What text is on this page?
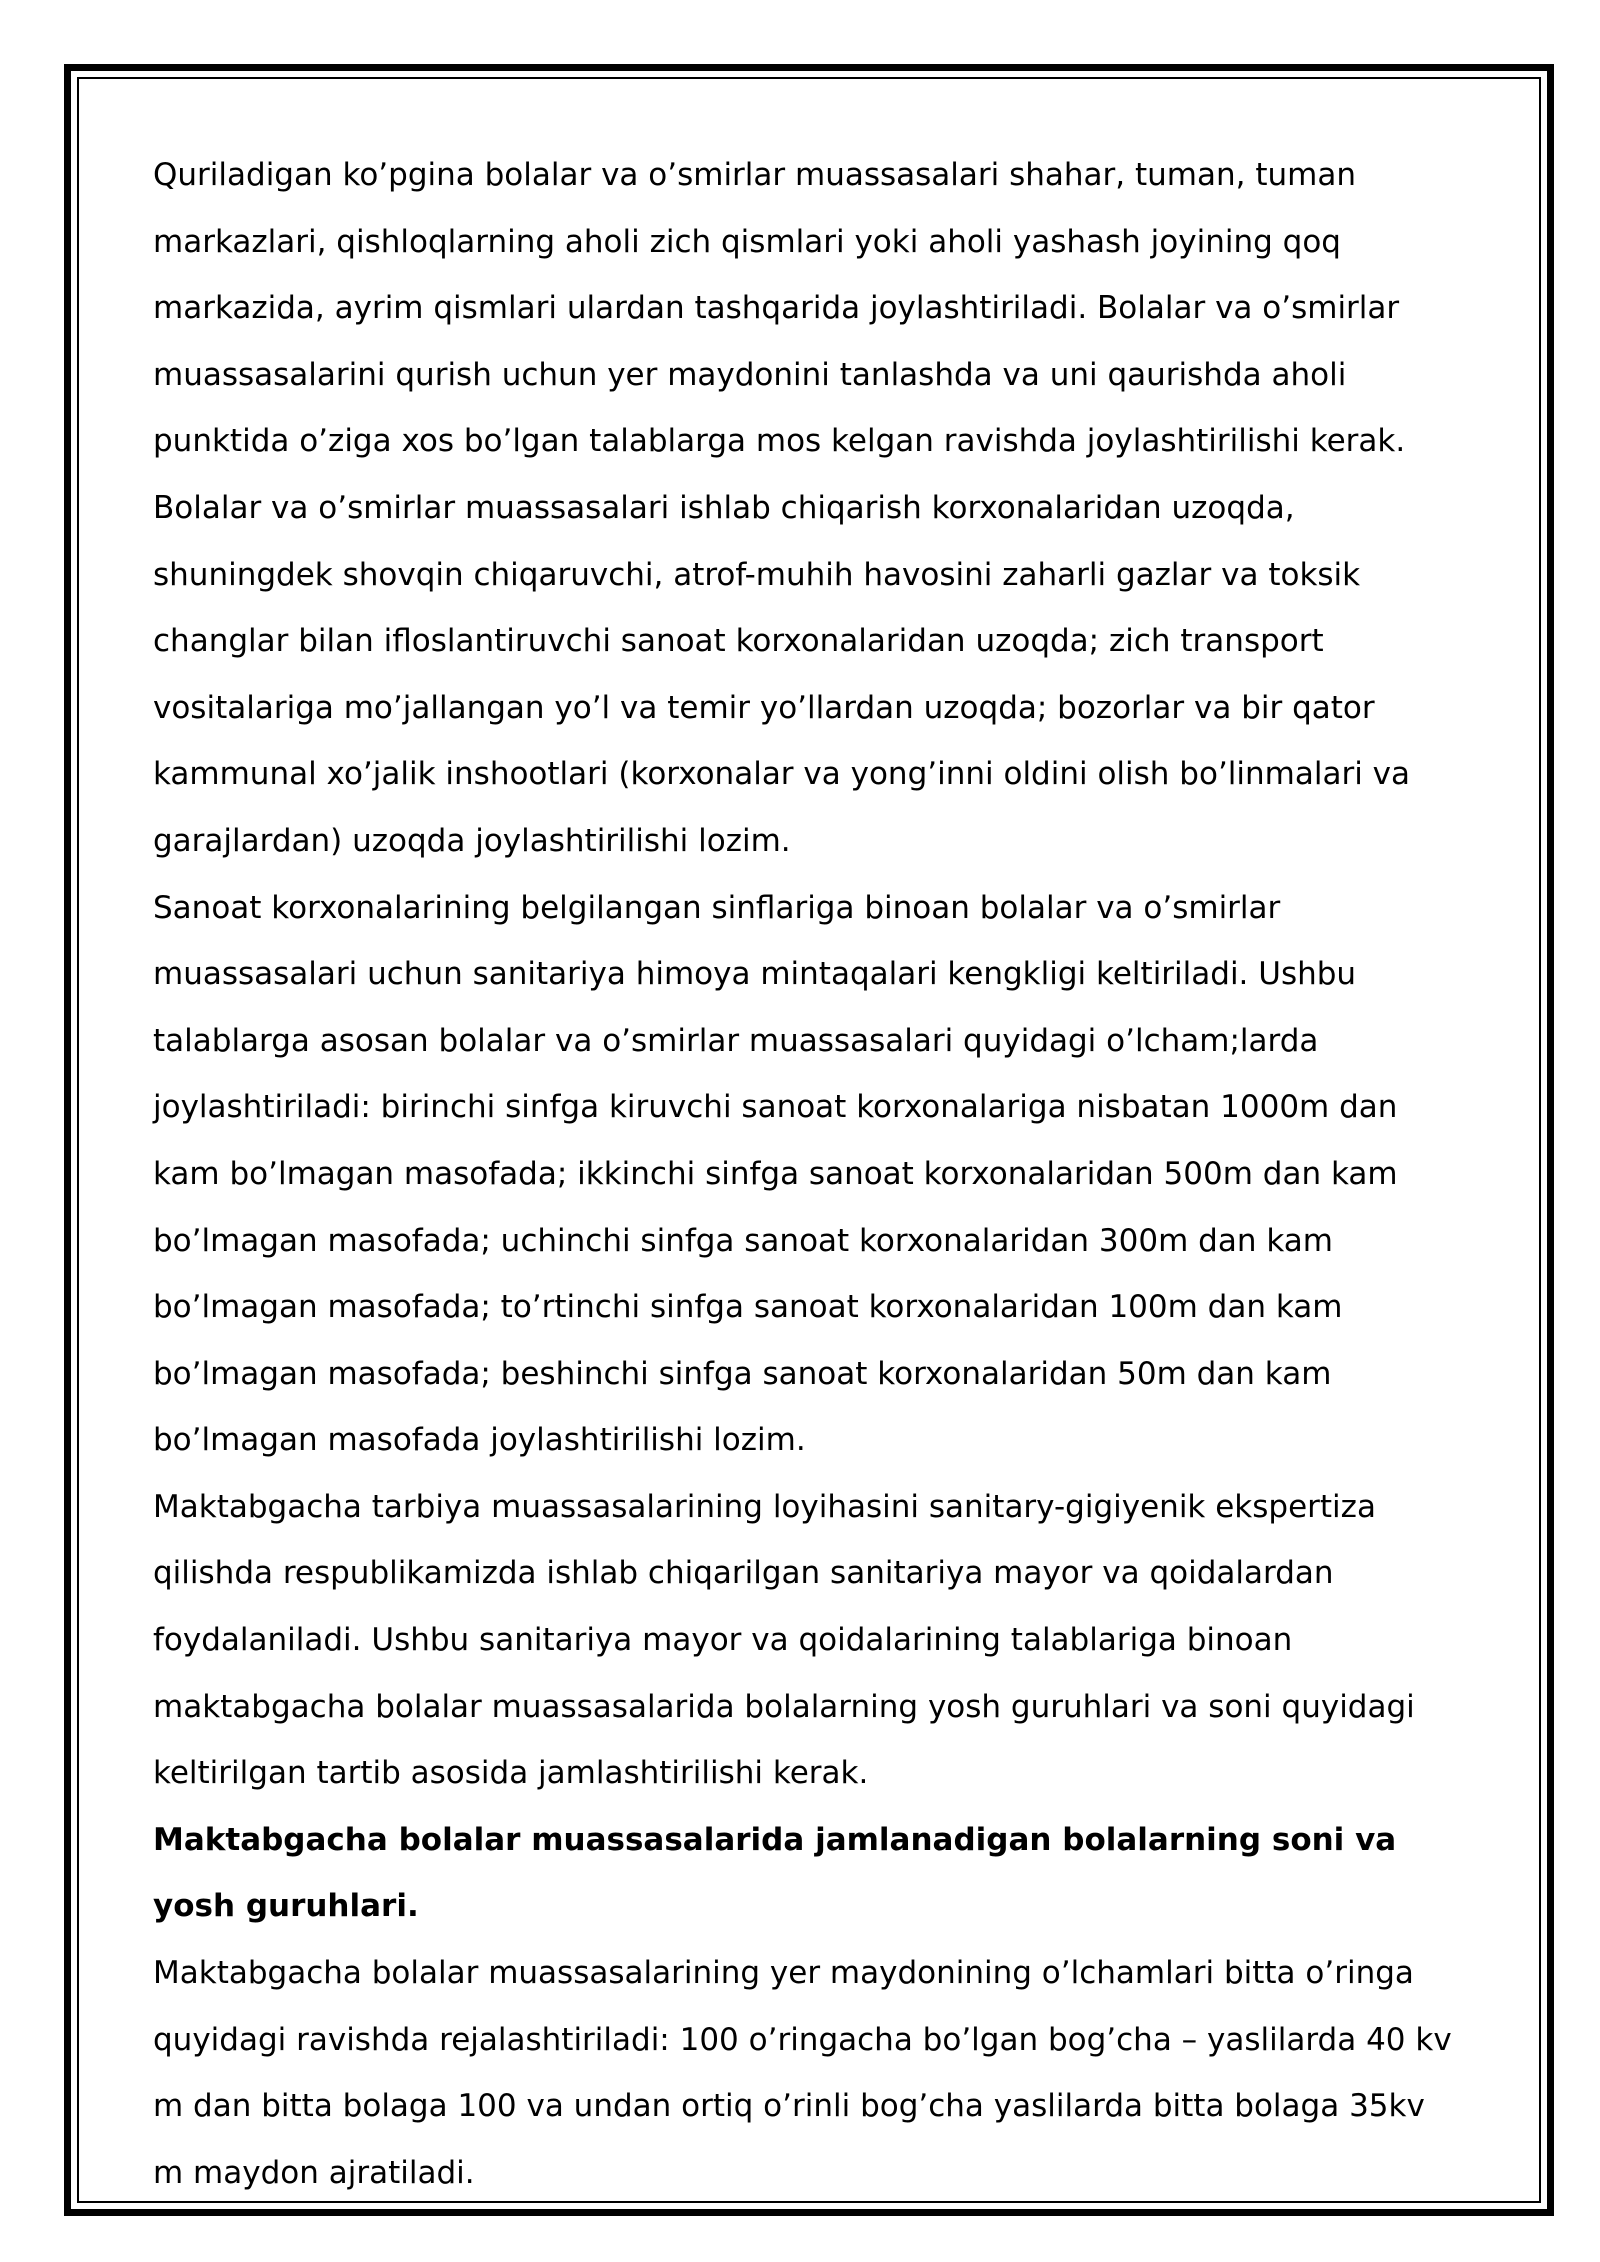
Quriladigan ko’pgina bolalar va o’smirlar muassasalari shahar, tuman, tuman markazlari, qishloqlarning aholi zich qismlari yoki aholi yashash joyining qoq markazida, ayrim qismlari ulardan tashqarida joylashtiriladi. Bolalar va o’smirlar muassasalarini qurish uchun yer maydonini tanlashda va uni qaurishda aholi punktida o’ziga xos bo’lgan talablarga mos kelgan ravishda joylashtirilishi kerak. Bolalar va o’smirlar muassasalari ishlab chiqarish korxonalaridan uzoqda, shuningdek shovqin chiqaruvchi, atrof-muhih havosini zaharli gazlar va toksik changlar bilan ifloslantiruvchi sanoat korxonalaridan uzoqda; zich transport vositalariga mo’jallangan yo’l va temir yo’llardan uzoqda; bozorlar va bir qator kammunal xo’jalik inshootlari (korxonalar va yong’inni oldini olish bo’linmalari va garajlardan) uzoqda joylashtirilishi lozim.

Sanoat korxonalarining belgilangan sinflariga binoan bolalar va o’smirlar muassasalari uchun sanitariya himoya mintaqalari kengkligi keltiriladi. Ushbu talablarga asosan bolalar va o’smirlar muassasalari quyidagi o’lcham;larda joylashtiriladi: birinchi sinfga kiruvchi sanoat korxonalariga nisbatan 1000m dan kam bo’lmagan masofada; ikkinchi sinfga sanoat korxonalaridan 500m dan kam bo’lmagan masofada; uchinchi sinfga sanoat korxonalaridan 300m dan kam bo’lmagan masofada; to’rtinchi sinfga sanoat korxonalaridan 100m dan kam bo’lmagan masofada; beshinchi sinfga sanoat korxonalaridan 50m dan kam bo’lmagan masofada joylashtirilishi lozim.

Maktabgacha tarbiya muassasalarining loyihasini sanitary-gigiyenik ekspertiza qilishda respublikamizda ishlab chiqarilgan sanitariya mayor va qoidalardan foydalaniladi. Ushbu sanitariya mayor va qoidalarining talablariga binoan maktabgacha bolalar muassasalarida bolalarning yosh guruhlari va soni quyidagi keltirilgan tartib asosida jamlashtirilishi kerak.

Maktabgacha bolalar muassasalarida jamlanadigan bolalarning soni va yosh guruhlari.

Maktabgacha bolalar muassasalarining yer maydonining o’lchamlari bitta o’ringa quyidagi ravishda rejalashtiriladi: 100 o’ringacha bo’lgan bog’cha – yaslilarda 40 kv m dan bitta bolaga 100 va undan ortiq o’rinli bog’cha yaslilarda bitta bolaga 35kv m maydon ajratiladi.
